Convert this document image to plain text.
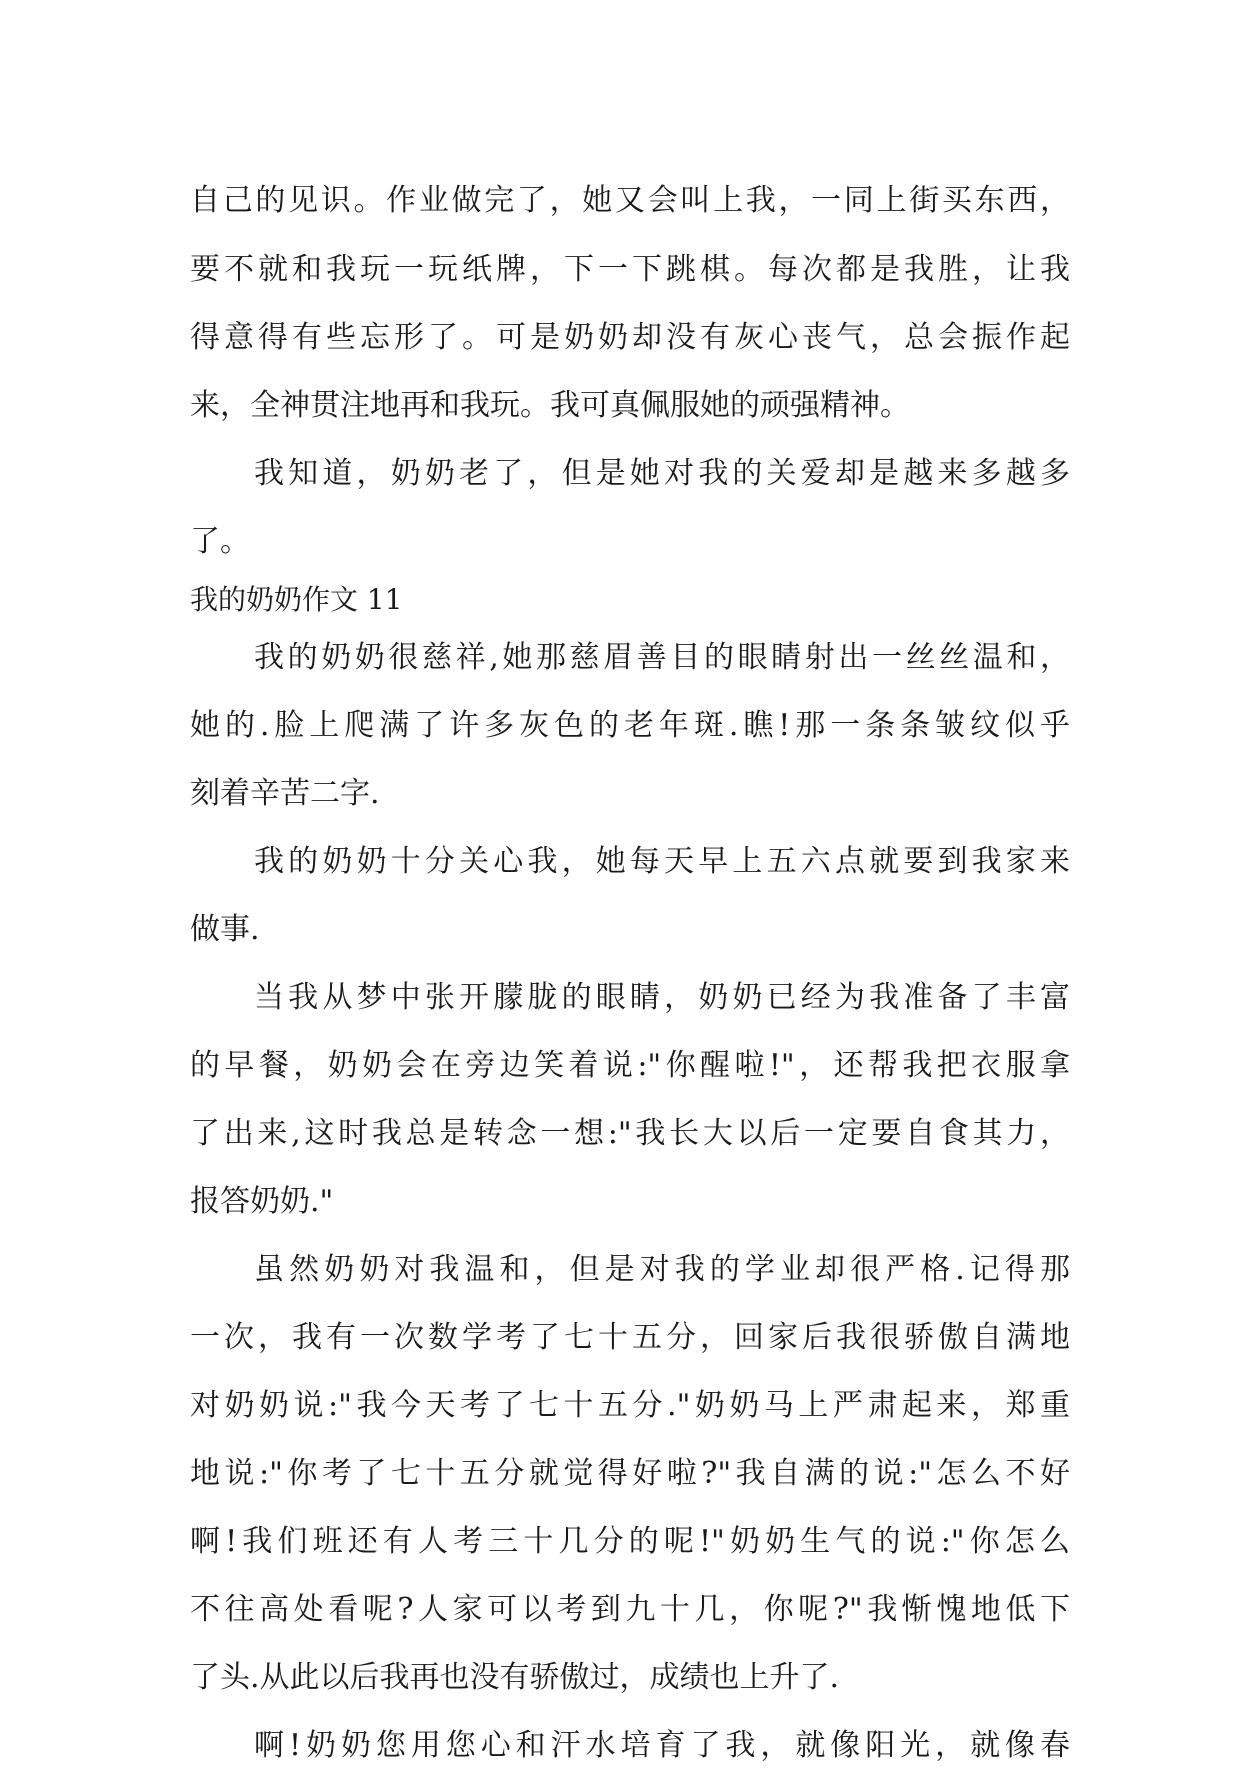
自己的见识。作业做完了，她又会叫上我，一同上街买东西，
要不就和我玩一玩纸牌，下一下跳棋。每次都是我胜，让我
得意得有些忘形了。可是奶奶却没有灰心丧气，总会振作起
来，全神贯注地再和我玩。我可真佩服她的顽强精神。
我知道，奶奶老了，但是她对我的关爱却是越来多越多
了。
我的奶奶作文 11
我的奶奶很慈祥,她那慈眉善目的眼睛射出一丝丝温和，
她的.脸上爬满了许多灰色的老年斑.瞧!那一条条皱纹似乎
刻着辛苦二字.
我的奶奶十分关心我，她每天早上五六点就要到我家来
做事.
当我从梦中张开朦胧的眼睛，奶奶已经为我准备了丰富
的早餐，奶奶会在旁边笑着说:"你醒啦!"，还帮我把衣服拿
了出来,这时我总是转念一想:"我长大以后一定要自食其力，
报答奶奶."
虽然奶奶对我温和，但是对我的学业却很严格.记得那
一次，我有一次数学考了七十五分，回家后我很骄傲自满地
对奶奶说:"我今天考了七十五分."奶奶马上严肃起来，郑重
地说:"你考了七十五分就觉得好啦?"我自满的说:"怎么不好
啊!我们班还有人考三十几分的呢!"奶奶生气的说:"你怎么
不往高处看呢?人家可以考到九十几，你呢?"我惭愧地低下
了头.从此以后我再也没有骄傲过，成绩也上升了.
啊!奶奶您用您心和汗水培育了我，就像阳光，就像春
